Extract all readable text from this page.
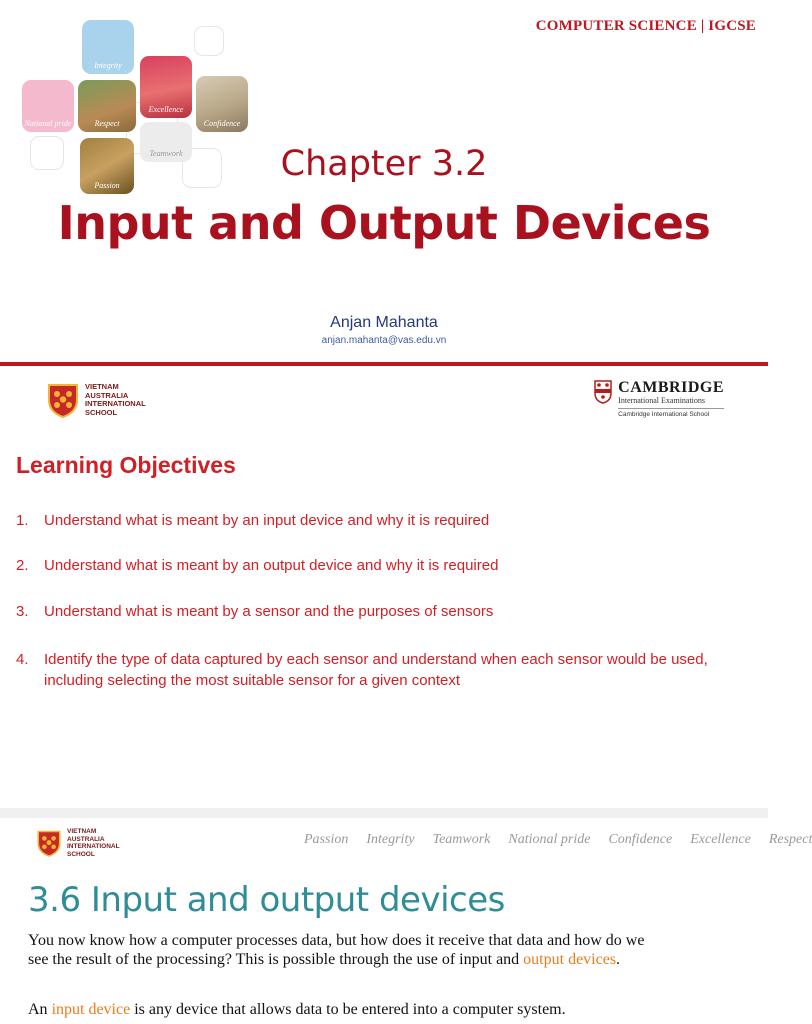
COMPUTER SCIENCE | IGCSE
Integrity
National pride	Respect
Excellence
Teamwork
Confidence
Passion
Chapter 3.2
Input and Output Devices
Anjan Mahanta
anjan.mahanta@vas.edu.vn
VIETNAM
AUSTRALIA
INTERNATIONAL
SCHOOL
CAMBRIDGE
International Examinations
Cambridge International School
Learning Objectives
1.	Understand what is meant by an input device and why it is required
2.	Understand what is meant by an output device and why it is required
3.	Understand what is meant by a sensor and the purposes of sensors
4.	Identify the type of data captured by each sensor and understand when each sensor would be used, including selecting the most suitable sensor for a given context
VIETNAM
AUSTRALIA
INTERNATIONAL
SCHOOL
Passion Integrity Teamwork National pride Confidence Excellence Respect
3.6 Input and output devices
You now know how a computer processes data, but how does it receive that data and how do we see the result of the processing? This is possible through the use of input and output devices.
An input device is any device that allows data to be entered into a computer system.
